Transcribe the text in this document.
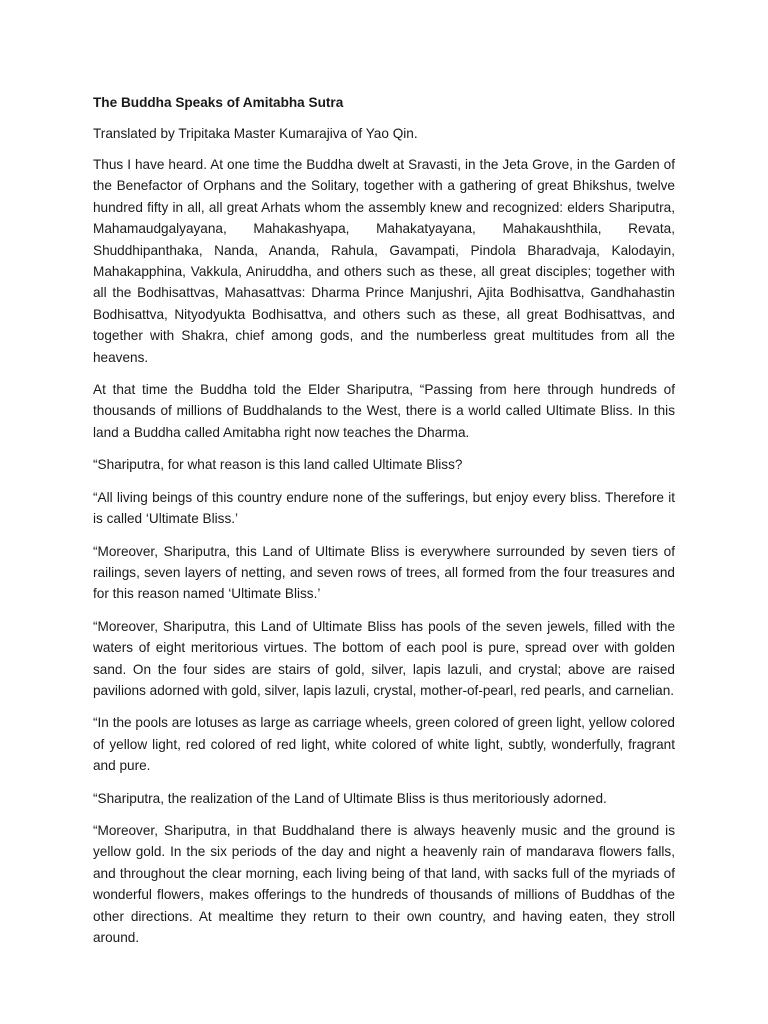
The Buddha Speaks of Amitabha Sutra
Translated by Tripitaka Master Kumarajiva of Yao Qin.

Thus I have heard. At one time the Buddha dwelt at Sravasti, in the Jeta Grove, in the Garden of the Benefactor of Orphans and the Solitary, together with a gathering of great Bhikshus, twelve hundred fifty in all, all great Arhats whom the assembly knew and recognized: elders Shariputra, Mahamaudgalyayana, Mahakashyapa, Mahakatyayana, Mahakaushthila, Revata, Shuddhipanthaka, Nanda, Ananda, Rahula, Gavampati, Pindola Bharadvaja, Kalodayin, Mahakapphina, Vakkula, Aniruddha, and others such as these, all great disciples; together with all the Bodhisattvas, Mahasattvas: Dharma Prince Manjushri, Ajita Bodhisattva, Gandhahastin Bodhisattva, Nityodyukta Bodhisattva, and others such as these, all great Bodhisattvas, and together with Shakra, chief among gods, and the numberless great multitudes from all the heavens.

At that time the Buddha told the Elder Shariputra, “Passing from here through hundreds of thousands of millions of Buddhalands to the West, there is a world called Ultimate Bliss. In this land a Buddha called Amitabha right now teaches the Dharma.

“Shariputra, for what reason is this land called Ultimate Bliss?

“All living beings of this country endure none of the sufferings, but enjoy every bliss. Therefore it is called ‘Ultimate Bliss.’

“Moreover, Shariputra, this Land of Ultimate Bliss is everywhere surrounded by seven tiers of railings, seven layers of netting, and seven rows of trees, all formed from the four treasures and for this reason named ‘Ultimate Bliss.’

“Moreover, Shariputra, this Land of Ultimate Bliss has pools of the seven jewels, filled with the waters of eight meritorious virtues. The bottom of each pool is pure, spread over with golden sand. On the four sides are stairs of gold, silver, lapis lazuli, and crystal; above are raised pavilions adorned with gold, silver, lapis lazuli, crystal, mother-of-pearl, red pearls, and carnelian.

“In the pools are lotuses as large as carriage wheels, green colored of green light, yellow colored of yellow light, red colored of red light, white colored of white light, subtly, wonderfully, fragrant and pure.

“Shariputra, the realization of the Land of Ultimate Bliss is thus meritoriously adorned.

“Moreover, Shariputra, in that Buddhaland there is always heavenly music and the ground is yellow gold. In the six periods of the day and night a heavenly rain of mandarava flowers falls, and throughout the clear morning, each living being of that land, with sacks full of the myriads of wonderful flowers, makes offerings to the hundreds of thousands of millions of Buddhas of the other directions. At mealtime they return to their own country, and having eaten, they stroll around.
